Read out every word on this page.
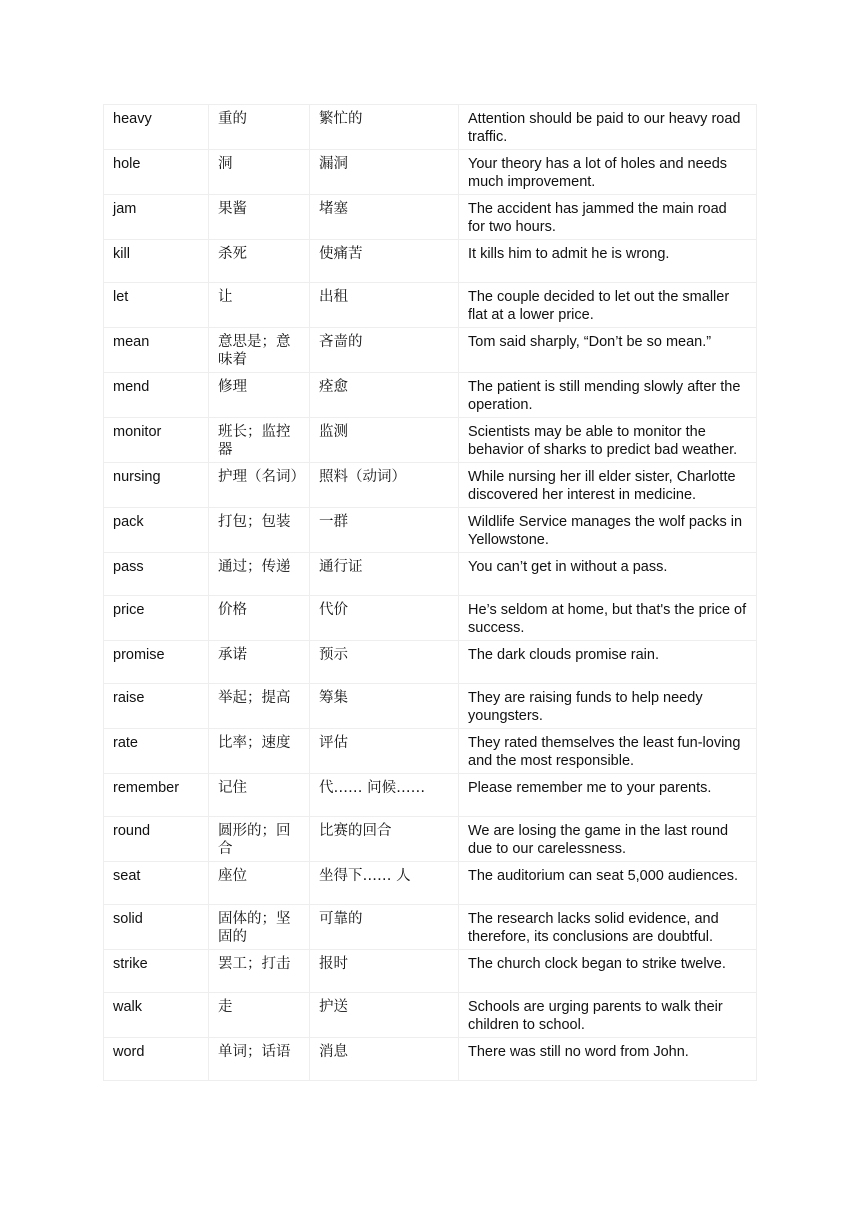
heavy	重的	繁忙的	Attention should be paid to our heavy road traffic.
hole	洞	漏洞	Your theory has a lot of holes and needs much improvement.
jam	果酱	堵塞	The accident has jammed the main road for two hours.
kill	杀死	使痛苦	It kills him to admit he is wrong.
let	让	出租	The couple decided to let out the smaller flat at a lower price.
mean	意思是；意味着	吝啬的	Tom said sharply, “Don’t be so mean.”
mend	修理	痊愈	The patient is still mending slowly after the operation.
monitor	班长；监控器	监测	Scientists may be able to monitor the behavior of sharks to predict bad weather.
nursing	护理（名词）	照料（动词）	While nursing her ill elder sister, Charlotte discovered her interest in medicine.
pack	打包；包装	一群	Wildlife Service manages the wolf packs in Yellowstone.
pass	通过；传递	通行证	You can’t get in without a pass.
price	价格	代价	He’s seldom at home, but that's the price of success.
promise	承诺	预示	The dark clouds promise rain.
raise	举起；提高	筹集	They are raising funds to help needy youngsters.
rate	比率；速度	评估	They rated themselves the least fun-loving and the most responsible.
remember	记住	代…… 问候……	Please remember me to your parents.
round	圆形的；回合	比赛的回合	We are losing the game in the last round due to our carelessness.
seat	座位	坐得下…… 人	The auditorium can seat 5,000 audiences.
solid	固体的；坚固的	可靠的	The research lacks solid evidence, and therefore, its conclusions are doubtful.
strike	罢工；打击	报时	The church clock began to strike twelve.
walk	走	护送	Schools are urging parents to walk their children to school.
word	单词；话语	消息	There was still no word from John.
